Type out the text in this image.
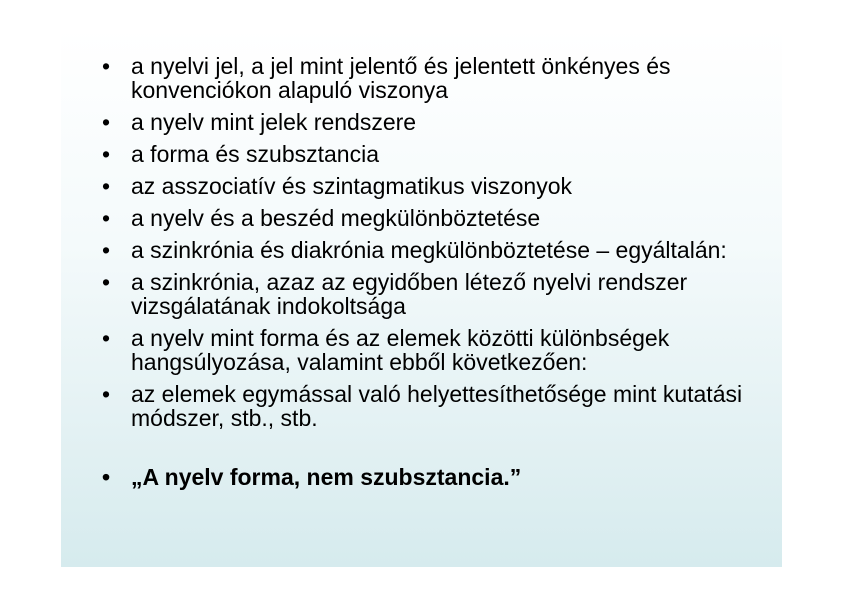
• a nyelvi jel, a jel mint jelentő és jelentett önkényes és konvenciókon alapuló viszonya
• a nyelv mint jelek rendszere
• a forma és szubsztancia
• az asszociatív és szintagmatikus viszonyok
• a nyelv és a beszéd megkülönböztetése
• a szinkrónia és diakrónia megkülönböztetése – egyáltalán:
• a szinkrónia, azaz az egyidőben létező nyelvi rendszer vizsgálatának indokoltsága
• a nyelv mint forma és az elemek közötti különbségek hangsúlyozása, valamint ebből következően:
• az elemek egymással való helyettesíthetősége mint kutatási módszer, stb., stb.
• „A nyelv forma, nem szubsztancia.”
